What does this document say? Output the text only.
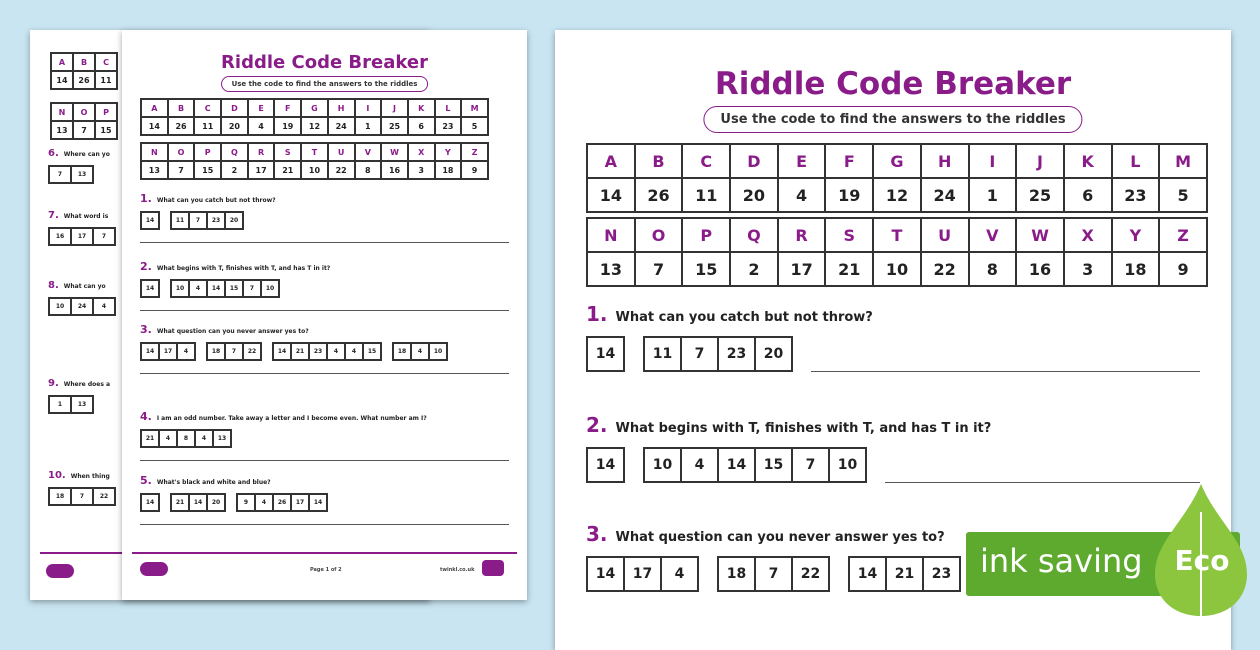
A	B	C
14	26	11
N	O	P
13	7	15
6. Where can yo
7	13
7. What word is
16	17	7
8. What can yo
10	24	4
9. Where does a
1	13
10. When thing
18	7	22
Riddle Code Breaker
Use the code to find the answers to the riddles
A	B	C	D	E	F	G	H	I	J	K	L	M
14	26	11	20	4	19	12	24	1	25	6	23	5
N	O	P	Q	R	S	T	U	V	W	X	Y	Z
13	7	15	2	17	21	10	22	8	16	3	18	9
Page 1 of 2	twinkl.co.uk
1. What can you catch but not throw?
14	11	7	23	20
2. What begins with T, finishes with T, and has T in it?
14	10	4	14	15	7	10
3. What question can you never answer yes to?
14	17	4	18	7	22	14	21	23	4	4	15	18	4	10
4. I am an odd number. Take away a letter and I become even. What number am I?
21	4	8	4	13
5. What's black and white and blue?
14	21	14	20	9	4	26	17	14
Riddle Code Breaker
Use the code to find the answers to the riddles
A	B	C	D	E	F	G	H	I	J	K	L	M
14	26	11	20	4	19	12	24	1	25	6	23	5
N	O	P	Q	R	S	T	U	V	W	X	Y	Z
13	7	15	2	17	21	10	22	8	16	3	18	9
1. What can you catch but not throw?
14	11	7	23	20
2. What begins with T, finishes with T, and has T in it?
14	10	4	14	15	7	10
3. What question can you never answer yes to?
14	17	4	18	7	22	14	21	23 ink saving	Eco
